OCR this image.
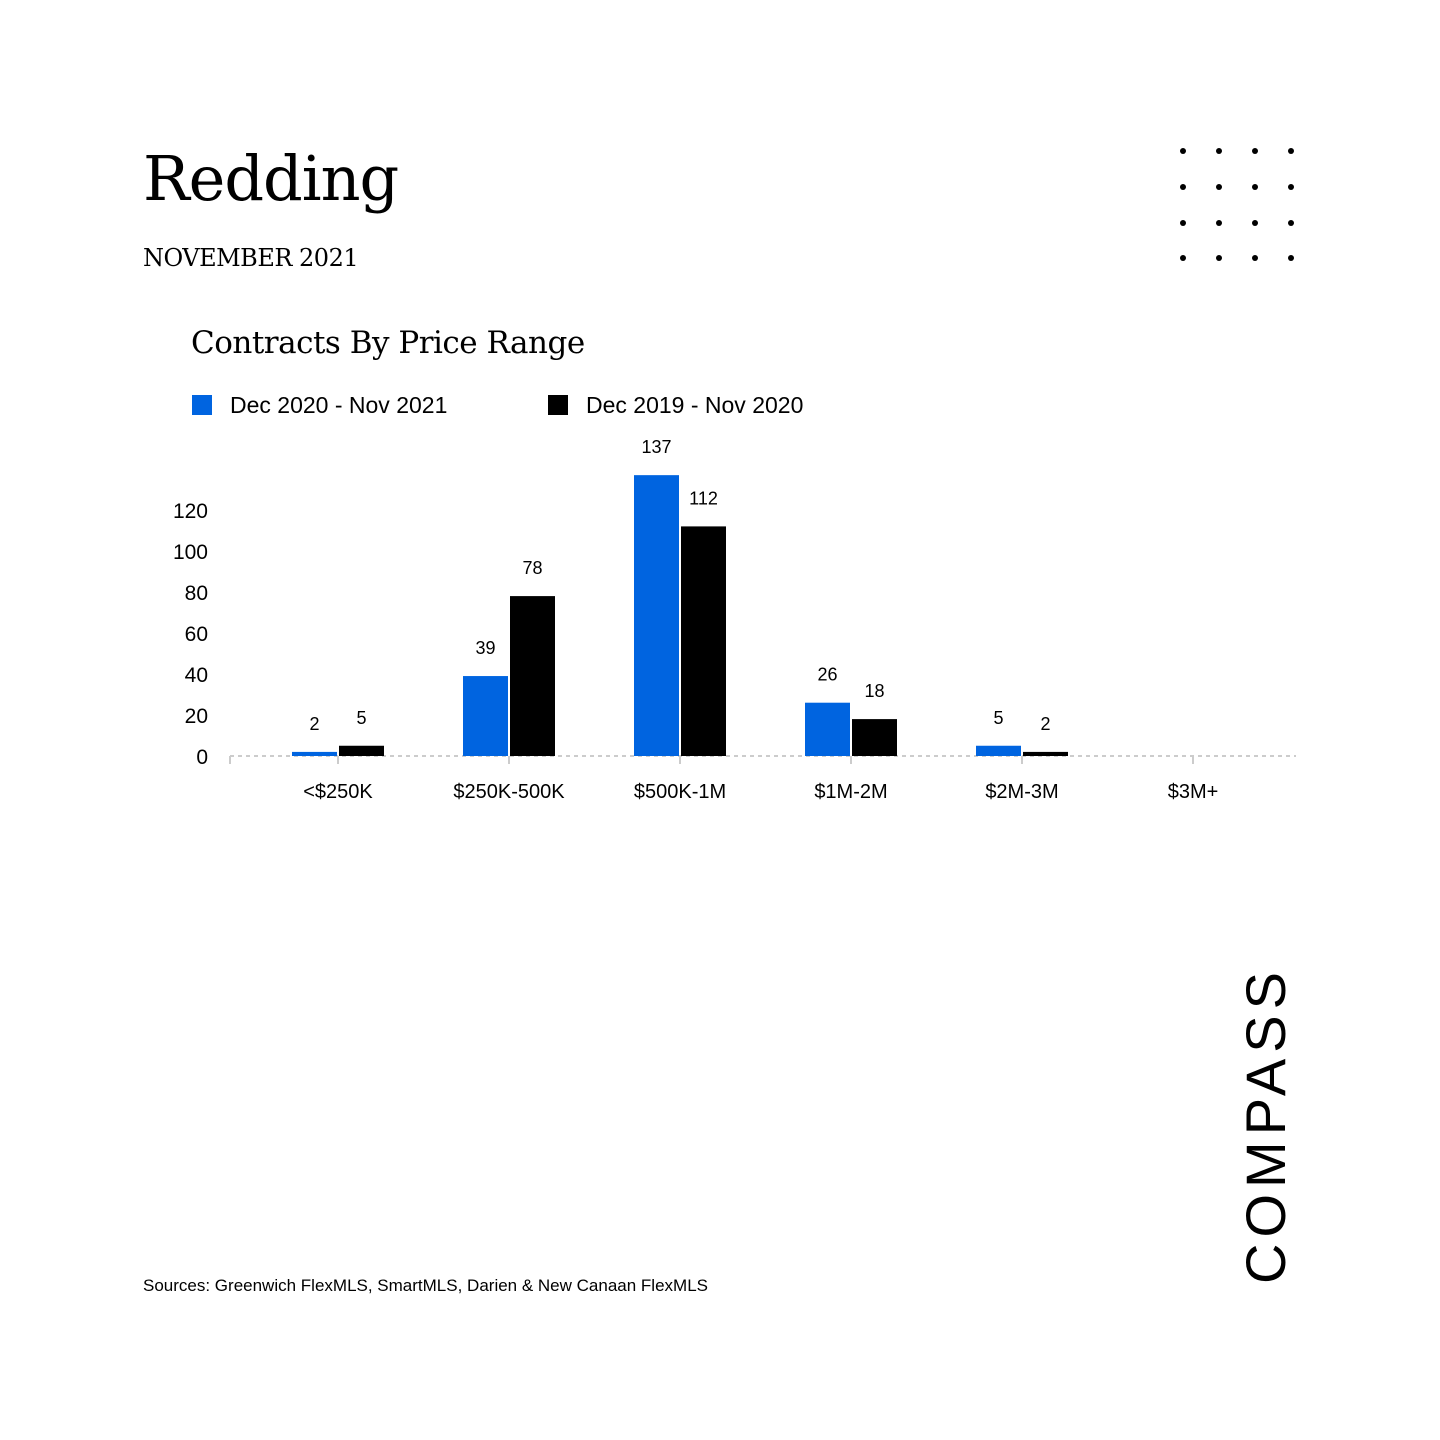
Redding
NOVEMBER 2021
Contracts By Price Range
Dec 2020 - Nov 2021	Dec 2019 - Nov 2020
0
20
40
60
80
100
120
<$250K
2 5
$250K-500K
39
78
$500K-1M
137
112
$1M-2M
26
18
$2M-3M
5 2
$3M+
Sources: Greenwich FlexMLS, SmartMLS, Darien & New Canaan FlexMLS
COMPASS
